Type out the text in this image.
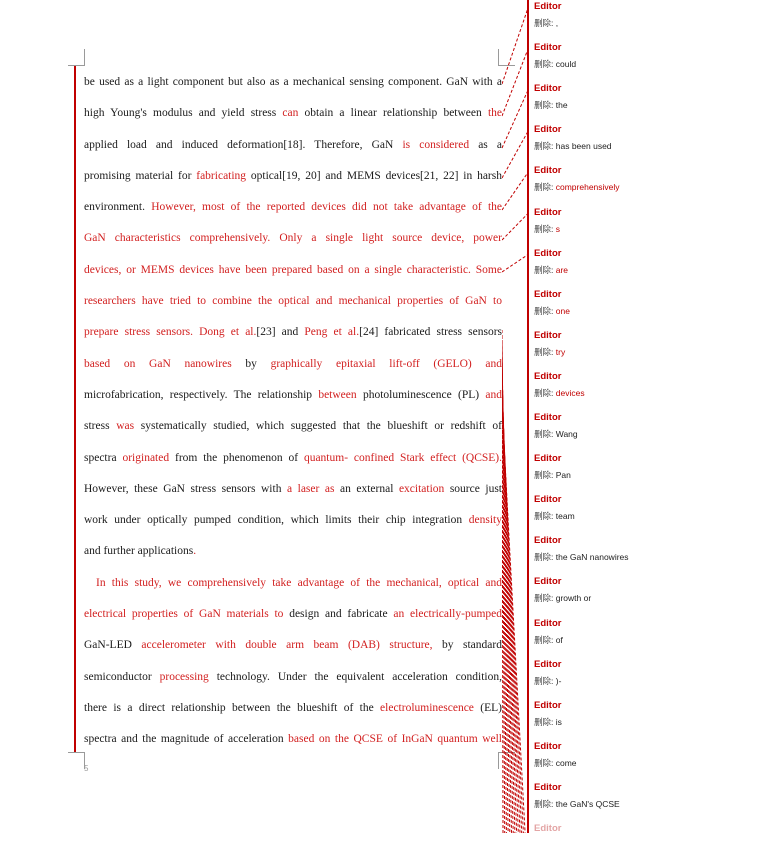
5
be used as a light component but also as a mechanical sensing component. GaN with a
high Young's modulus and yield stress can obtain a linear relationship between the
applied load and induced deformation[18]. Therefore, GaN is considered as a
promising material for fabricating optical[19, 20] and MEMS devices[21, 22] in harsh
environment. However, most of the reported devices did not take advantage of the
GaN characteristics comprehensively. Only a single light source device, power
devices, or MEMS devices have been prepared based on a single characteristic. Some
researchers have tried to combine the optical and mechanical properties of GaN to
prepare stress sensors. Dong et al.[23] and Peng et al.[24] fabricated stress sensors
based on GaN nanowires by graphically epitaxial lift-off (GELO) and
microfabrication, respectively. The relationship between photoluminescence (PL) and
stress was systematically studied, which suggested that the blueshift or redshift of
spectra originated from the phenomenon of quantum- confined Stark effect (QCSE).
However, these GaN stress sensors with a laser as an external excitation source just
work under optically pumped condition, which limits their chip integration density
and further applications.
In this study, we comprehensively take advantage of the mechanical, optical and
electrical properties of GaN materials to design and fabricate an electrically-pumped
GaN-LED accelerometer with double arm beam (DAB) structure, by standard
semiconductor processing technology. Under the equivalent acceleration condition,
there is a direct relationship between the blueshift of the electroluminescence (EL)
spectra and the magnitude of acceleration based on the QCSE of InGaN quantum well
Editor
删除: ,
Editor
删除: could
Editor
删除: the
Editor
删除: has been used
Editor
删除: comprehensively
Editor
删除: s
Editor
删除: are
Editor
删除: one
Editor
删除: try
Editor
删除: devices
Editor
删除: Wang
Editor
删除: Pan
Editor
删除: team
Editor
删除: the GaN nanowires
Editor
删除: growth or
Editor
删除: of
Editor
删除: )-
Editor
删除: is
Editor
删除: come
Editor
删除: the GaN's QCSE
Editor
